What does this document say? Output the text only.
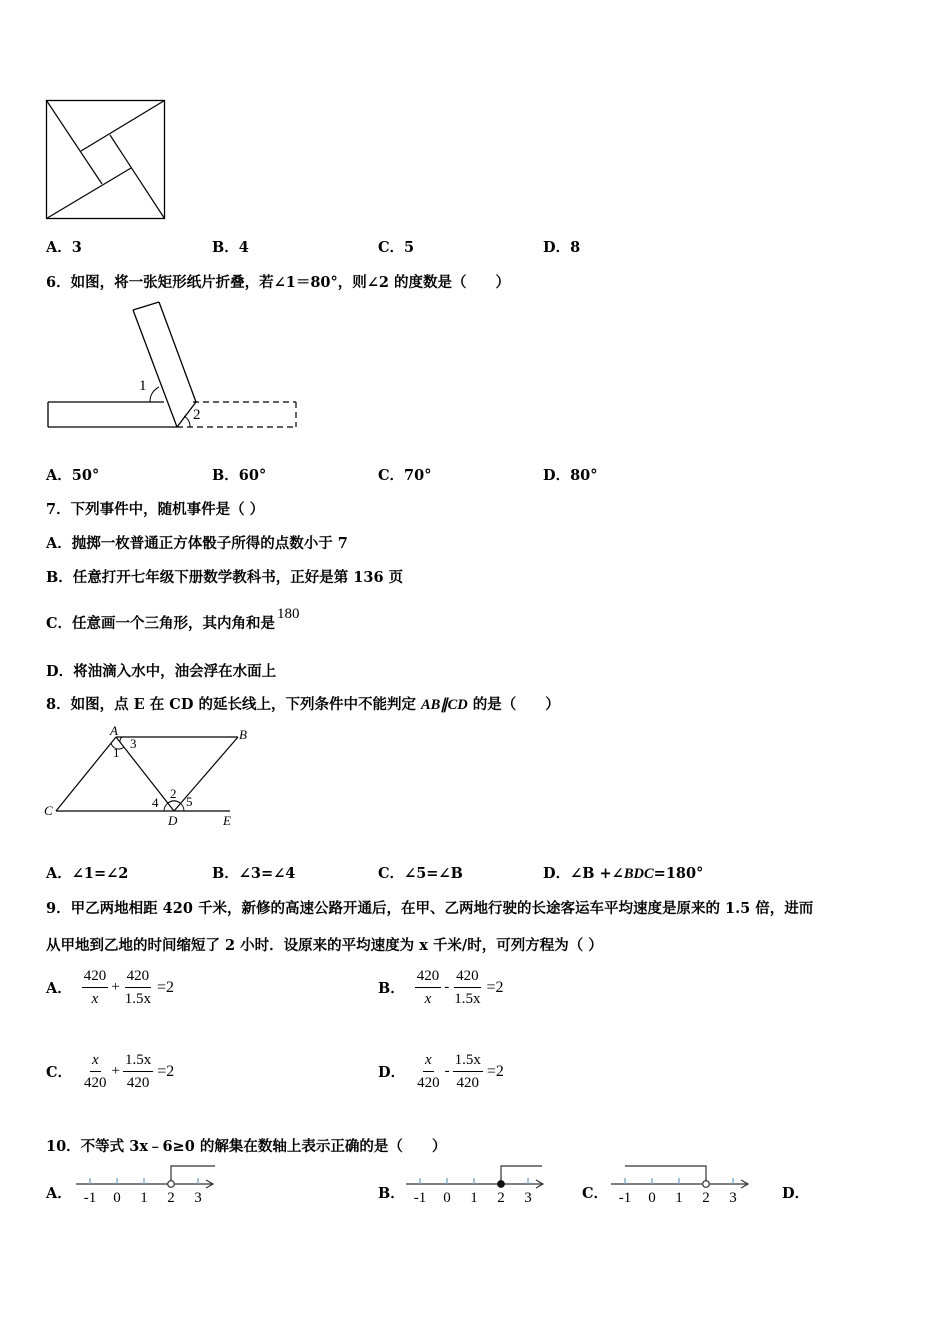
A．3	B．4	C．5	D．8
6．如图，将一张矩形纸片折叠，若∠1＝80°，则∠2 的度数是（　　）
1
2
A．50°	B．60°	C．70°	D．80°
7．下列事件中，随机事件是（ ）
A．抛掷一枚普通正方体骰子所得的点数小于 7
B．任意打开七年级下册数学教科书，正好是第 136 页
C．任意画一个三角形，其内角和是180
D．将油滴入水中，油会浮在水面上
8．如图，点 E 在 CD 的延长线上，下列条件中不能判定 AB∥CD 的是（　　）
A	B
C
D	E
1
3
2
4 5
A．∠1=∠2	B．∠3=∠4	C．∠5=∠B	D．∠B +∠BDC=180°
9．甲乙两地相距 420 千米，新修的高速公路开通后，在甲、乙两地行驶的长途客运车平均速度是原来的 1.5 倍，进而
从甲地到乙地的时间缩短了 2 小时．设原来的平均速度为 x 千米/时，可列方程为（ ）
A． $\frac{420}{x} + \frac{420}{1.5x} =2$	B． $\frac{420}{x} - \frac{420}{1.5x} =2$
C． $\frac{x}{420} + \frac{1.5x}{420} =2$	D． $\frac{x}{420} - \frac{1.5x}{420} =2$
10．不等式 3x﹣6≥0 的解集在数轴上表示正确的是（　　）
A． -1 0 1 2 3	B． -1 0 1 2 3	C． -1 0 1 2 3	D．
